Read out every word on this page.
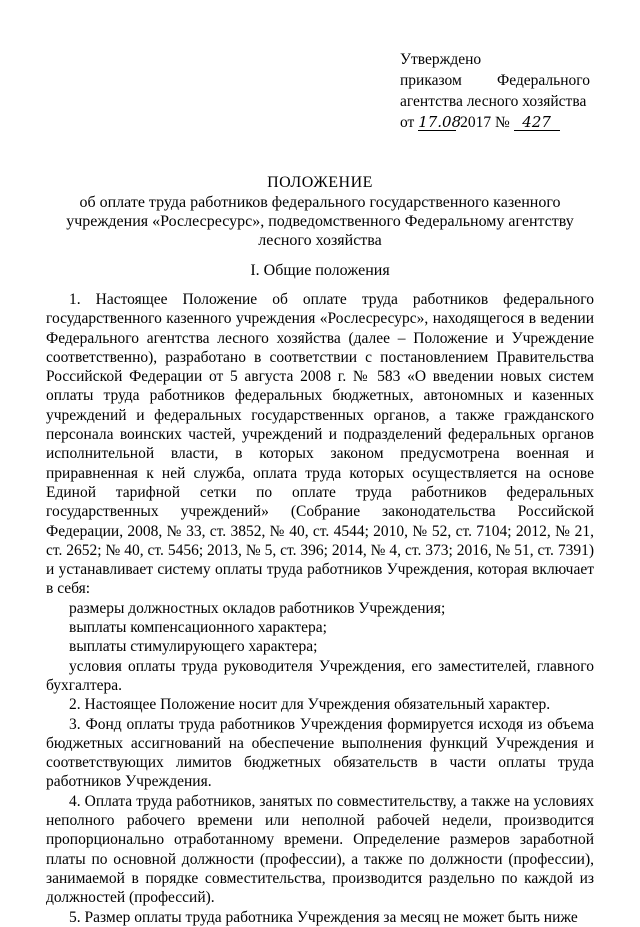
Утверждено
приказом Федерального
агентства лесного хозяйства
от 17.08 2017 № 427
ПОЛОЖЕНИЕ
об оплате труда работников федерального государственного казенного
учреждения «Рослесресурс», подведомственного Федеральному агентству
лесного хозяйства
I. Общие положения

1. Настоящее Положение об оплате труда работников федерального государственного казенного учреждения «Рослесресурс», находящегося в ведении Федерального агентства лесного хозяйства (далее – Положение и Учреждение соответственно), разработано в соответствии с постановлением Правительства Российской Федерации от 5 августа 2008 г. № 583 «О введении новых систем оплаты труда работников федеральных бюджетных, автономных и казенных учреждений и федеральных государственных органов, а также гражданского персонала воинских частей, учреждений и подразделений федеральных органов исполнительной власти, в которых законом предусмотрена военная и приравненная к ней служба, оплата труда которых осуществляется на основе Единой тарифной сетки по оплате труда работников федеральных государственных учреждений» (Собрание законодательства Российской Федерации, 2008, № 33, ст. 3852, № 40, ст. 4544; 2010, № 52, ст. 7104; 2012, № 21, ст. 2652; № 40, ст. 5456; 2013, № 5, ст. 396; 2014, № 4, ст. 373; 2016, № 51, ст. 7391) и устанавливает систему оплаты труда работников Учреждения, которая включает в себя:

размеры должностных окладов работников Учреждения;

выплаты компенсационного характера;

выплаты стимулирующего характера;

условия оплаты труда руководителя Учреждения, его заместителей, главного бухгалтера.

2. Настоящее Положение носит для Учреждения обязательный характер.

3. Фонд оплаты труда работников Учреждения формируется исходя из объема бюджетных ассигнований на обеспечение выполнения функций Учреждения и соответствующих лимитов бюджетных обязательств в части оплаты труда работников Учреждения.

4. Оплата труда работников, занятых по совместительству, а также на условиях неполного рабочего времени или неполной рабочей недели, производится пропорционально отработанному времени. Определение размеров заработной платы по основной должности (профессии), а также по должности (профессии), занимаемой в порядке совместительства, производится раздельно по каждой из должностей (профессий).

5. Размер оплаты труда работника Учреждения за месяц не может быть ниже
